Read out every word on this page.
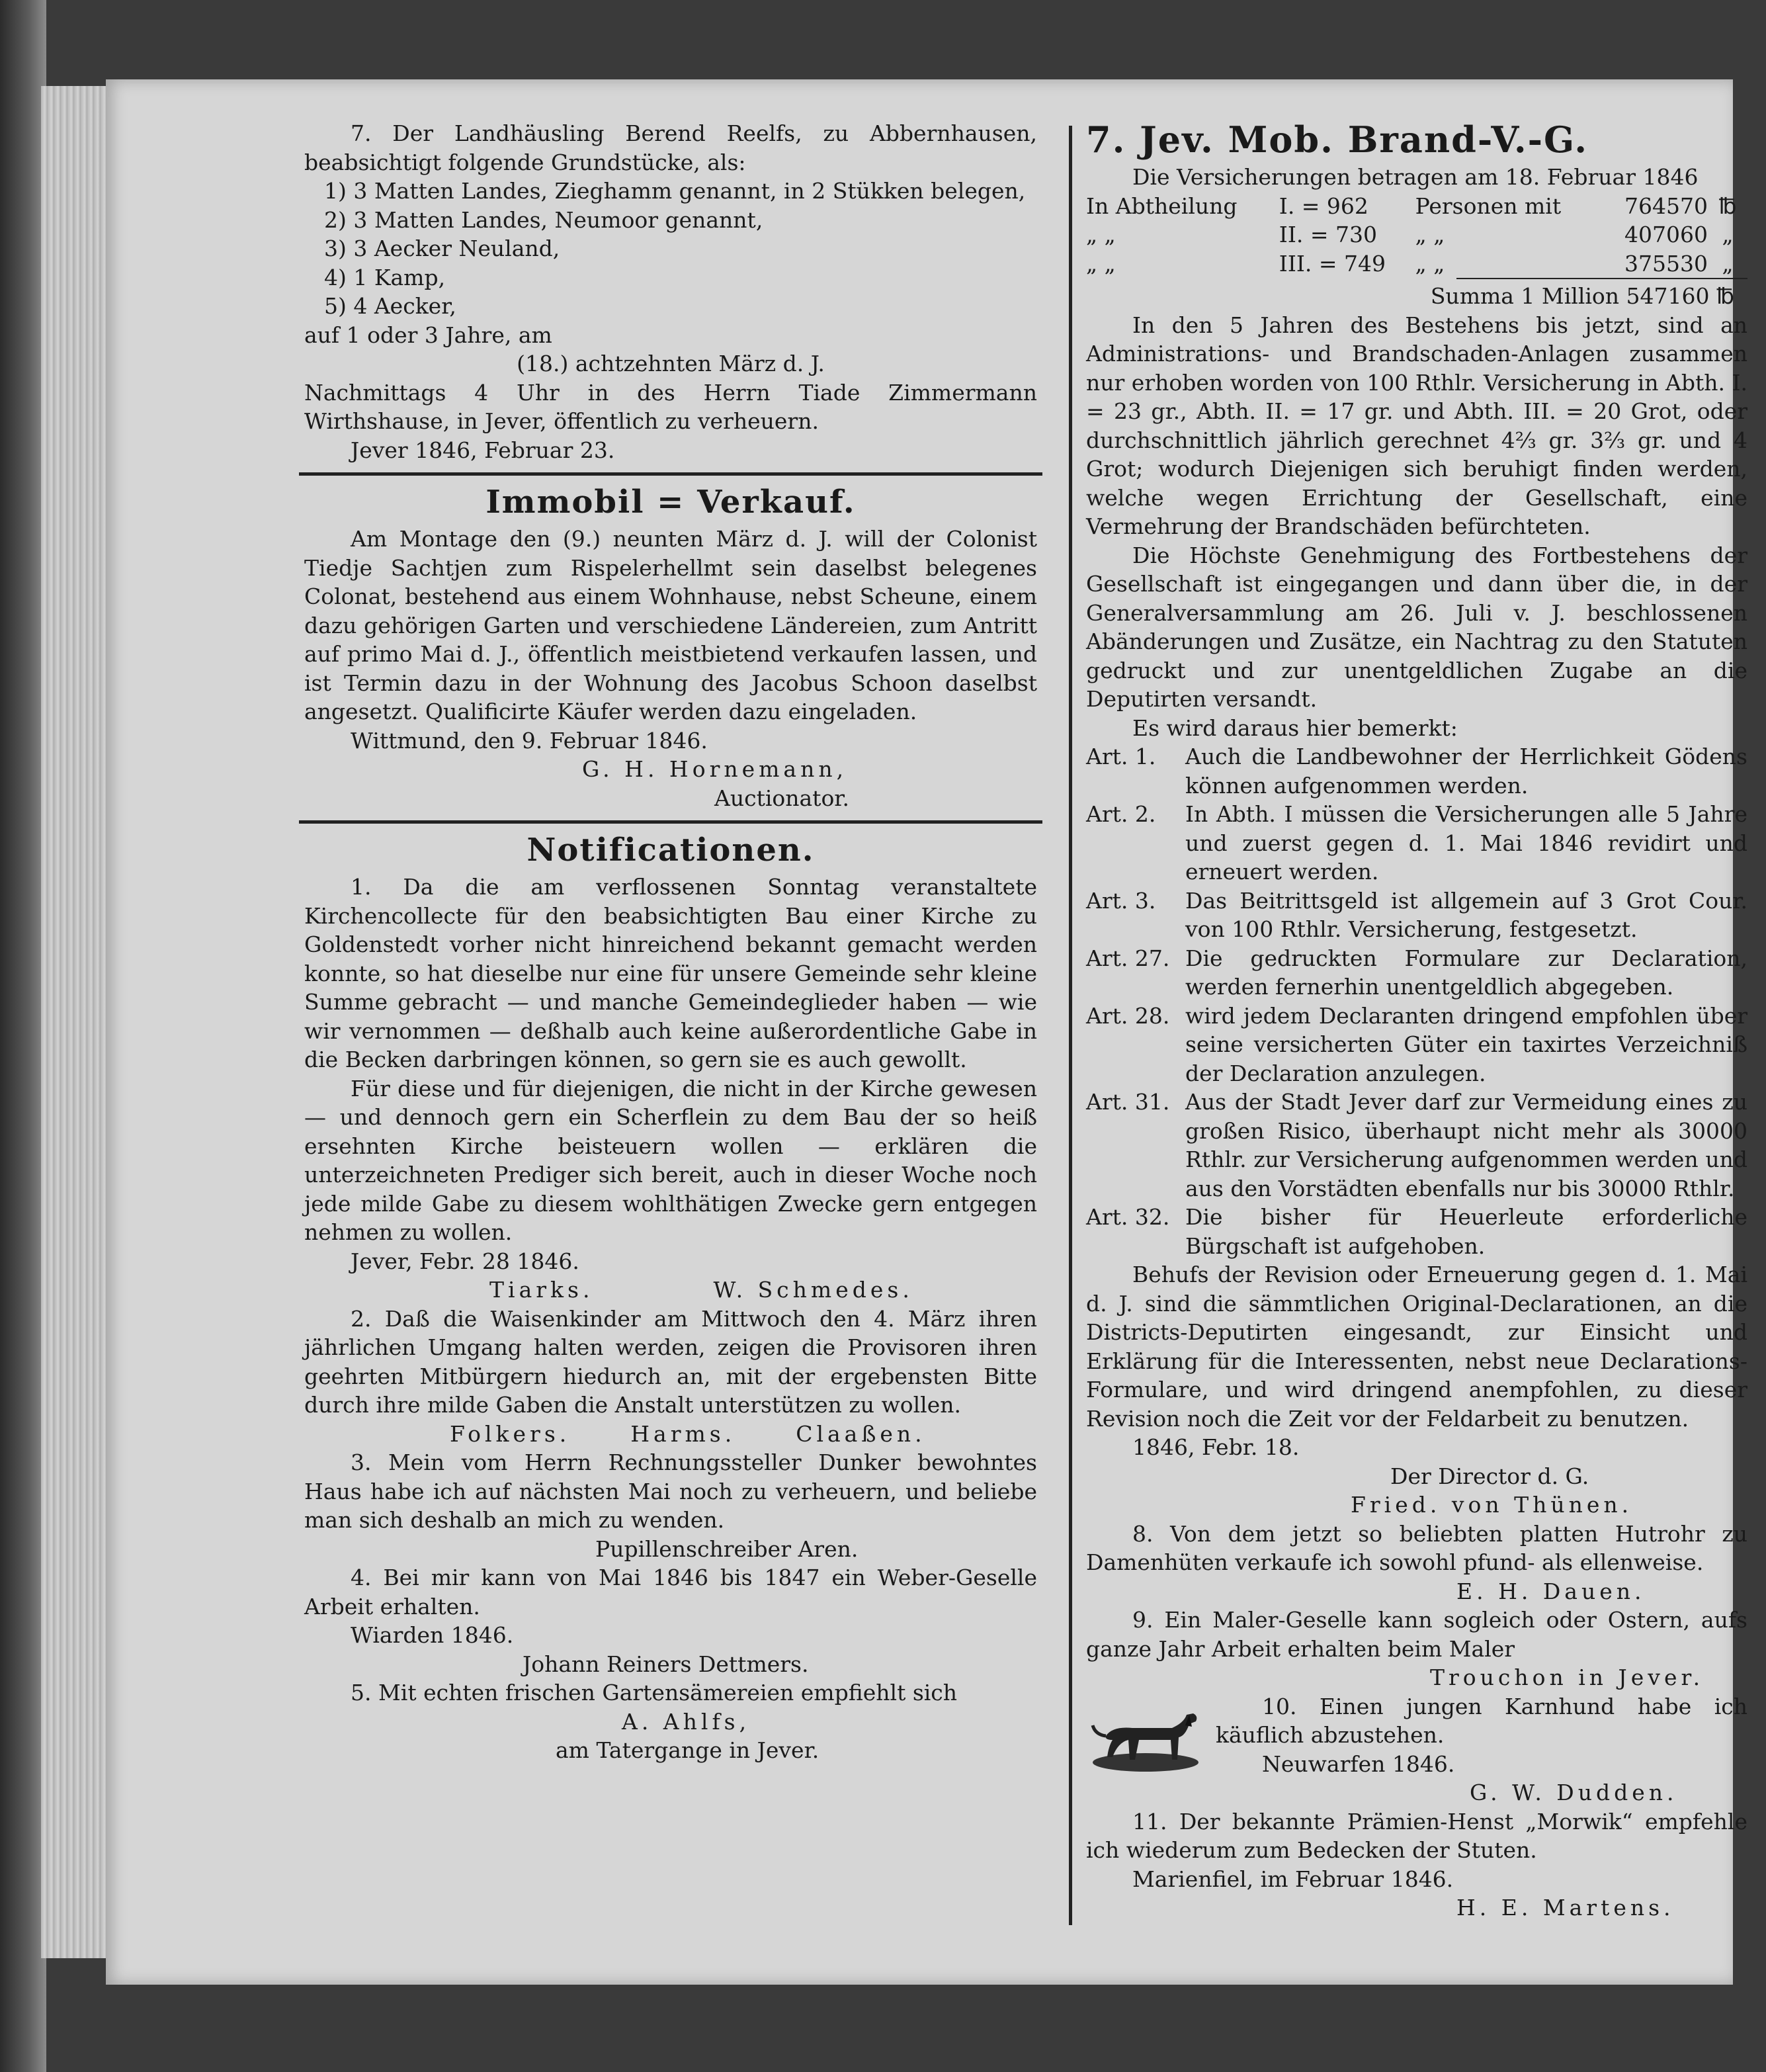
7. Der Landhäusling Berend Reelfs, zu Abbernhausen, beabsichtigt folgende Grundstücke, als:

1) 3 Matten Landes, Zieghamm genannt, in 2 Stükken belegen,

2) 3 Matten Landes, Neumoor genannt,

3) 3 Aecker Neuland,

4) 1 Kamp,

5) 4 Aecker,

auf 1 oder 3 Jahre, am

(18.) achtzehnten März d. J.

Nachmittags 4 Uhr in des Herrn Tiade Zimmermann Wirthshause, in Jever, öffentlich zu verheuern.

Jever 1846, Februar 23.

Immobil = Verkauf.

Am Montage den (9.) neunten März d. J. will der Colonist Tiedje Sachtjen zum Rispelerhellmt sein daselbst belegenes Colonat, bestehend aus einem Wohnhause, nebst Scheune, einem dazu gehörigen Garten und verschiedene Ländereien, zum Antritt auf primo Mai d. J., öffentlich meistbietend verkaufen lassen, und ist Termin dazu in der Wohnung des Jacobus Schoon daselbst angesetzt. Qualificirte Käufer werden dazu eingeladen.

Wittmund, den 9. Februar 1846.

G. H. Hornemann,

Auctionator.

Notificationen.

1. Da die am verflossenen Sonntag veranstaltete Kirchencollecte für den beabsichtigten Bau einer Kirche zu Goldenstedt vorher nicht hinreichend bekannt gemacht werden konnte, so hat dieselbe nur eine für unsere Gemeinde sehr kleine Summe gebracht — und manche Gemeindeglieder haben — wie wir vernommen — deßhalb auch keine außerordentliche Gabe in die Becken darbringen können, so gern sie es auch gewollt.

Für diese und für diejenigen, die nicht in der Kirche gewesen — und dennoch gern ein Scherflein zu dem Bau der so heiß ersehnten Kirche beisteuern wollen — erklären die unterzeichneten Prediger sich bereit, auch in dieser Woche noch jede milde Gabe zu diesem wohlthätigen Zwecke gern entgegen nehmen zu wollen.

Jever, Febr. 28 1846.

Tiarks.	W. Schmedes.

2. Daß die Waisenkinder am Mittwoch den 4. März ihren jährlichen Umgang halten werden, zeigen die Provisoren ihren geehrten Mitbürgern hiedurch an, mit der ergebensten Bitte durch ihre milde Gaben die Anstalt unterstützen zu wollen.

Folkers.	Harms.	Claaßen.

3. Mein vom Herrn Rechnungssteller Dunker bewohntes Haus habe ich auf nächsten Mai noch zu verheuern, und beliebe man sich deshalb an mich zu wenden.

Pupillenschreiber Aren.

4. Bei mir kann von Mai 1846 bis 1847 ein Weber-Geselle Arbeit erhalten.

Wiarden 1846.

Johann Reiners Dettmers.

5. Mit echten frischen Gartensämereien empfiehlt sich

A. Ahlfs,

am Tatergange in Jever.

7. Jev. Mob. Brand-V.-G.

Die Versicherungen betragen am 18. Februar 1846

In Abtheilung	I. = 962	Personen mit	764570	℔
„ „	II. = 730	„ „	407060	„
„ „	III. = 749	„ „	375530	„

Summa 1 Million 547160 ℔

In den 5 Jahren des Bestehens bis jetzt, sind an Administrations- und Brandschaden-Anlagen zusammen nur erhoben worden von 100 Rthlr. Versicherung in Abth. I. = 23 gr., Abth. II. = 17 gr. und Abth. III. = 20 Grot, oder durchschnittlich jährlich gerechnet 4⅔ gr. 3⅔ gr. und 4 Grot; wodurch Diejenigen sich beruhigt finden werden, welche wegen Errichtung der Gesellschaft, eine Vermehrung der Brandschäden befürchteten.

Die Höchste Genehmigung des Fortbestehens der Gesellschaft ist eingegangen und dann über die, in der Generalversammlung am 26. Juli v. J. beschlossenen Abänderungen und Zusätze, ein Nachtrag zu den Statuten gedruckt und zur unentgeldlichen Zugabe an die Deputirten versandt.

Es wird daraus hier bemerkt:

Art. 1.	Auch die Landbewohner der Herrlichkeit Gödens können aufgenommen werden.
Art. 2.	In Abth. I müssen die Versicherungen alle 5 Jahre und zuerst gegen d. 1. Mai 1846 revidirt und erneuert werden.
Art. 3.	Das Beitrittsgeld ist allgemein auf 3 Grot Cour. von 100 Rthlr. Versicherung, festgesetzt.
Art. 27. Die gedruckten Formulare zur Declaration, werden fernerhin unentgeldlich abgegeben.
Art. 28. wird jedem Declaranten dringend empfohlen über seine versicherten Güter ein taxirtes Verzeichniß der Declaration anzulegen.
Art. 31. Aus der Stadt Jever darf zur Vermeidung eines zu großen Risico, überhaupt nicht mehr als 30000 Rthlr. zur Versicherung aufgenommen werden und aus den Vorstädten ebenfalls nur bis 30000 Rthlr.
Art. 32. Die bisher für Heuerleute erforderliche Bürgschaft ist aufgehoben.

Behufs der Revision oder Erneuerung gegen d. 1. Mai d. J. sind die sämmtlichen Original-Declarationen, an die Districts-Deputirten eingesandt, zur Einsicht und Erklärung für die Interessenten, nebst neue Declarations-Formulare, und wird dringend anempfohlen, zu dieser Revision noch die Zeit vor der Feldarbeit zu benutzen.

1846, Febr. 18.

Der Director d. G.

Fried. von Thünen.

8. Von dem jetzt so beliebten platten Hutrohr zu Damenhüten verkaufe ich sowohl pfund- als ellenweise.

E. H. Dauen.

9. Ein Maler-Geselle kann sogleich oder Ostern, aufs ganze Jahr Arbeit erhalten beim Maler

Trouchon in Jever.

10. Einen jungen Karnhund habe ich käuflich abzustehen.

Neuwarfen 1846.

G. W. Dudden.

11. Der bekannte Prämien-Henst „Morwik“ empfehle ich wiederum zum Bedecken der Stuten.

Marienfiel, im Februar 1846.

H. E. Martens.
